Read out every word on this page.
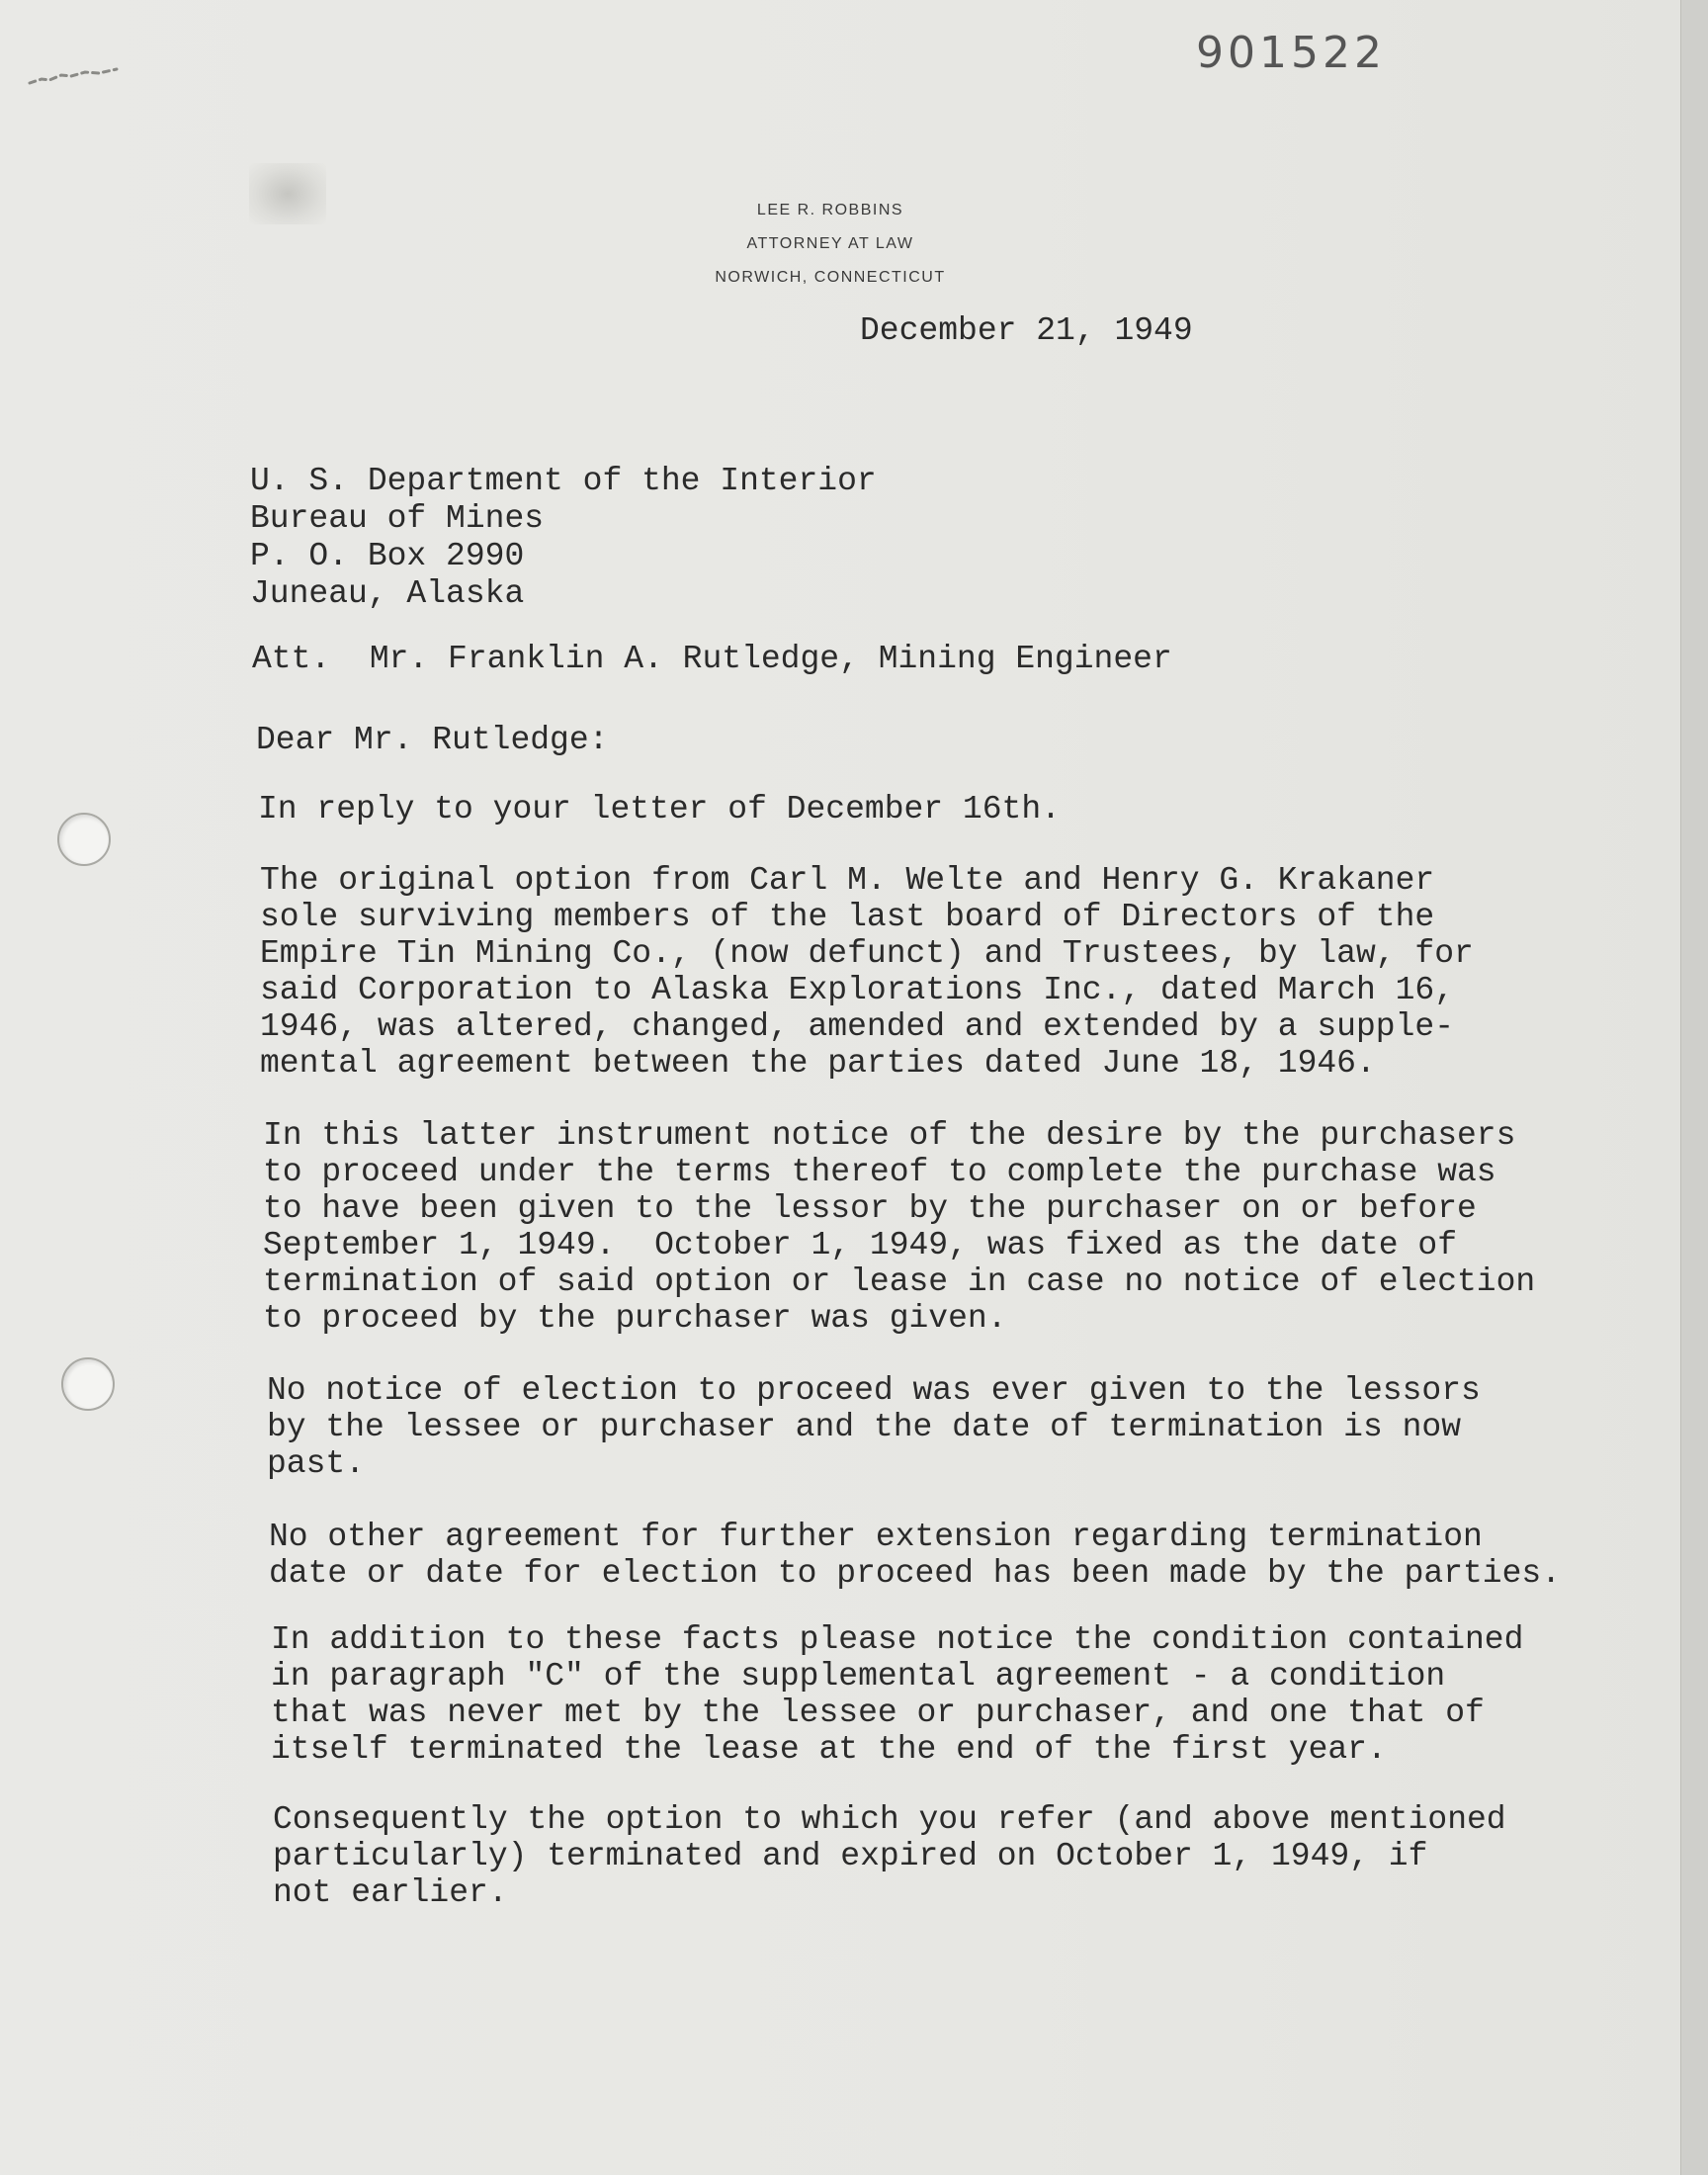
901522
LEE R. ROBBINS
ATTORNEY AT LAW
NORWICH, CONNECTICUT
December 21, 1949
U. S. Department of the Interior
Bureau of Mines
P. O. Box 2990
Juneau, Alaska
Att.  Mr. Franklin A. Rutledge, Mining Engineer
Dear Mr. Rutledge:
In reply to your letter of December 16th.
The original option from Carl M. Welte and Henry G. Krakaner
sole surviving members of the last board of Directors of the
Empire Tin Mining Co., (now defunct) and Trustees, by law, for
said Corporation to Alaska Explorations Inc., dated March 16,
1946, was altered, changed, amended and extended by a supple-
mental agreement between the parties dated June 18, 1946.
In this latter instrument notice of the desire by the purchasers
to proceed under the terms thereof to complete the purchase was
to have been given to the lessor by the purchaser on or before
September 1, 1949.  October 1, 1949, was fixed as the date of
termination of said option or lease in case no notice of election
to proceed by the purchaser was given.
No notice of election to proceed was ever given to the lessors
by the lessee or purchaser and the date of termination is now
past.
No other agreement for further extension regarding termination
date or date for election to proceed has been made by the parties.
In addition to these facts please notice the condition contained
in paragraph "C" of the supplemental agreement - a condition
that was never met by the lessee or purchaser, and one that of
itself terminated the lease at the end of the first year.
Consequently the option to which you refer (and above mentioned
particularly) terminated and expired on October 1, 1949, if
not earlier.
